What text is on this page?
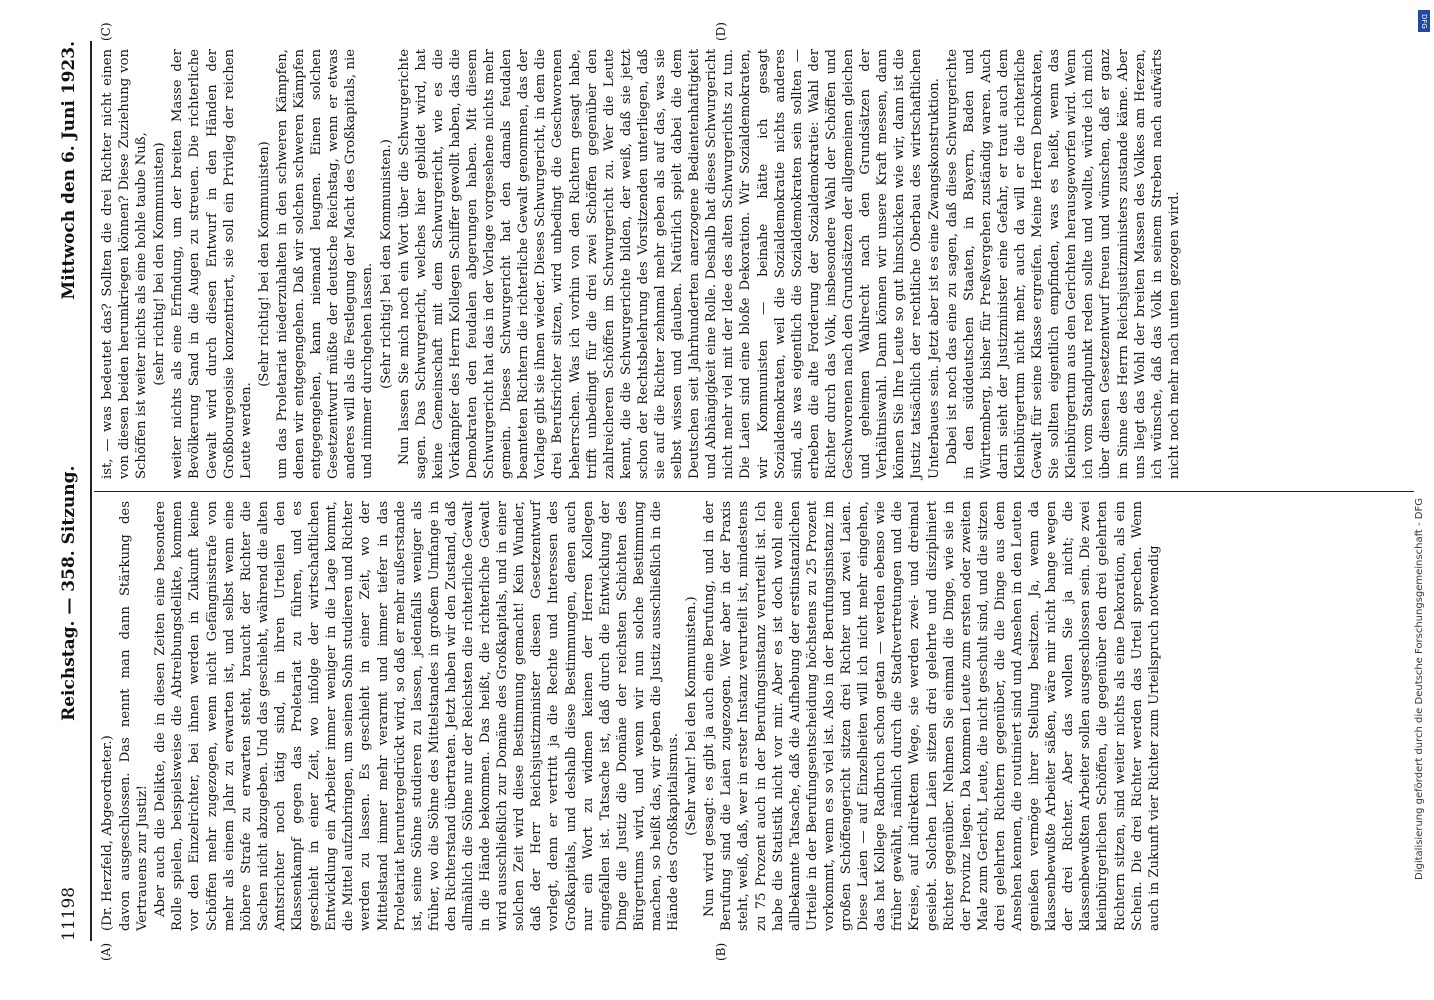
11198
Reichstag. — 358. Sitzung.
Mittwoch den 6. Juni 1923.
(A)	(B)
(C)	(D)

(Dr. Herzfeld, Abgeordneter.) davon ausgeschlossen. Das nennt man dann Stärkung des Vertrauens zur Justiz! Aber auch die Delikte, die in diesen Zeiten eine besondere Rolle spielen, beispielsweise die Abtreibungsdelikte, kommen vor den Einzelrichter, bei ihnen werden in Zukunft keine Schöffen mehr zugezogen, wenn nicht Gefängnisstrafe von mehr als einem Jahr zu erwarten ist, und selbst wenn eine höhere Strafe zu erwarten steht, braucht der Richter die Sachen nicht abzugeben. Und das geschieht, während die alten Amtsrichter noch tätig sind, in ihren Urteilen den Klassenkampf gegen das Proletariat zu führen, und es geschieht in einer Zeit, wo infolge der wirtschaftlichen Entwicklung ein Arbeiter immer weniger in die Lage kommt, die Mittel aufzubringen, um seinen Sohn studieren und Richter werden zu lassen. Es geschieht in einer Zeit, wo der Mittelstand immer mehr verarmt und immer tiefer in das Proletariat heruntergedrückt wird, so daß er mehr außerstande ist, seine Söhne studieren zu lassen, jedenfalls weniger als früher, wo die Söhne des Mittelstandes in großem Umfange in den Richterstand übertraten. Jetzt haben wir den Zustand, daß allmählich die Söhne nur der Reichsten die richterliche Gewalt in die Hände bekommen. Das heißt, die richterliche Gewalt wird ausschließlich zur Domäne des Großkapitals, und in einer solchen Zeit wird diese Bestimmung gemacht! Kein Wunder, daß der Herr Reichsjustizminister diesen Gesetzentwurf vorlegt, denn er vertritt ja die Rechte und Interessen des Großkapitals, und deshalb diese Bestimmungen, denen auch nur ein Wort zu widmen keinen der Herren Kollegen eingefallen ist. Tatsache ist, daß durch die Entwicklung der Dinge die Justiz die Domäne der reichsten Schichten des Bürgertums wird, und wenn wir nun solche Bestimmung machen, so heißt das, wir geben die Justiz ausschließlich in die Hände des Großkapitalismus. (Sehr wahr! bei den Kommunisten.) Nun wird gesagt: es gibt ja auch eine Berufung, und in der Berufung sind die Laien zugezogen. Wer aber in der Praxis steht, weiß, daß, wer in erster Instanz verurteilt ist, mindestens zu 75 Prozent auch in der Berufungsinstanz verurteilt ist. Ich habe die Statistik nicht vor mir. Aber es ist doch wohl eine allbekannte Tatsache, daß die Aufhebung der erstinstanzlichen Urteile in der Berufungsentscheidung höchstens zu 25 Prozent vorkommt, wenn es so viel ist. Also in der Berufungsinstanz im großen Schöffengericht sitzen drei Richter und zwei Laien. Diese Laien — auf Einzelheiten will ich nicht mehr eingehen, das hat Kollege Radbruch schon getan — werden ebenso wie früher gewählt, nämlich durch die Stadtvertretungen und die Kreise, auf indirektem Wege, sie werden zwei- und dreimal gesiebt. Solchen Laien sitzen drei gelehrte und diszipliniert Richter gegenüber. Nehmen Sie einmal die Dinge, wie sie in der Provinz liegen. Da kommen Leute zum ersten oder zweiten Male zum Gericht, Leute, die nicht geschult sind, und die sitzen drei gelehrten Richtern gegenüber, die die Dinge aus dem Ansehen kennen, die routiniert sind und Ansehen in den Leuten genießen vermöge ihrer Stellung besitzen. Ja, wenn da klassenbewußte Arbeiter säßen, wäre mir nicht bange wegen der drei Richter. Aber das wollen Sie ja nicht; die klassenbewußten Arbeiter sollen ausgeschlossen sein. Die zwei kleinbürgerlichen Schöffen, die gegenüber den drei gelehrten Richtern sitzen, sind weiter nichts als eine Dekoration, als ein Schein. Die drei Richter werden das Urteil sprechen. Wenn auch in Zukunft vier Richter zum Urteilspruch notwendig

ist, — was bedeutet das? Sollten die drei Richter nicht einen von diesen beiden herumkriegen können? Diese Zuziehung von Schöffen ist weiter nichts als eine hohle taube Nuß, (sehr richtig! bei den Kommunisten) weiter nichts als eine Erfindung, um der breiten Masse der Bevölkerung Sand in die Augen zu streuen. Die richterliche Gewalt wird durch diesen Entwurf in den Händen der Großbourgeoisie konzentriert, sie soll ein Privileg der reichen Leute werden.

(Sehr richtig! bei den Kommunisten) um das Proletariat niederzuhalten in den schweren Kämpfen, denen wir entgegengehen. Daß wir solchen schweren Kämpfen entgegengehen, kann niemand leugnen. Einen solchen Gesetzentwurf müßte der deutsche Reichstag, wenn er etwas anderes will als die Festlegung der Macht des Großkapitals, nie und nimmer durchgehen lassen. (Sehr richtig! bei den Kommunisten.) Nun lassen Sie mich noch ein Wort über die Schwurgerichte sagen. Das Schwurgericht, welches hier gebildet wird, hat keine Gemeinschaft mit dem Schwurgericht, wie es die Vorkämpfer des Herrn Kollegen Schiffer gewollt haben, das die Demokraten den feudalen abgerungen haben. Mit diesem Schwurgericht hat das in der Vorlage vorgesehene nichts mehr gemein. Dieses Schwurgericht hat den damals feudalen beamteten Richtern die richterliche Gewalt genommen, das der Vorlage gibt sie ihnen wieder. Dieses Schwurgericht, in dem die drei Berufsrichter sitzen, wird unbedingt die Geschworenen beherrschen. Was ich vorhin von den Richtern gesagt habe, trifft unbedingt für die drei zwei Schöffen gegenüber den zahlreicheren Schöffen im Schwurgericht zu. Wer die Leute kennt, die die Schwurgerichte bilden, der weiß, daß sie jetzt schon der Rechtsbelehrung des Vorsitzenden unterliegen, daß sie auf die Richter zehnmal mehr geben als auf das, was sie selbst wissen und glauben. Natürlich spielt dabei die dem Deutschen seit Jahrhunderten anerzogene Bedientenhaftigkeit und Abhängigkeit eine Rolle. Deshalb hat dieses Schwurgericht nicht mehr viel mit der Idee des alten Schwurgerichts zu tun. Die Laien sind eine bloße Dekoration. Wir Sozialdemokraten, wir Kommunisten — beinahe hätte ich gesagt Sozialdemokraten, weil die Sozialdemokratie nichts anderes sind, als was eigentlich die Sozialdemokraten sein sollten — erheben die alte Forderung der Sozialdemokratie: Wahl der Richter durch das Volk, insbesondere Wahl der Schöffen und Geschworenen nach den Grundsätzen der allgemeinen gleichen und geheimen Wahlrecht nach den Grundsätzen der Verhältniswahl. Dann können wir unsere Kraft messen, dann können Sie Ihre Leute so gut hinschicken wie wir, dann ist die Justiz tatsächlich der rechtliche Oberbau des wirtschaftlichen Unterbaues sein. Jetzt aber ist es eine Zwangskonstruktion. Dabei ist noch das eine zu sagen, daß diese Schwurgerichte in den süddeutschen Staaten, in Bayern, Baden und Württemberg, bisher für Preßvergehen zuständig waren. Auch darin sieht der Justizminister eine Gefahr, er traut auch dem Kleinbürgertum nicht mehr, auch da will er die richterliche Gewalt für seine Klasse ergreifen. Meine Herren Demokraten, Sie sollten eigentlich empfinden, was es heißt, wenn das Kleinbürgertum aus den Gerichten herausgeworfen wird. Wenn ich vom Standpunkt reden sollte und wollte, würde ich mich über diesen Gesetzentwurf freuen und wünschen, daß er ganz im Sinne des Herrn Reichsjustizministers zustande käme. Aber uns liegt das Wohl der breiten Massen des Volkes am Herzen, ich wünsche, daß das Volk in seinem Streben nach aufwärts nicht noch mehr nach unten gezogen wird.

DFG
Digitalisierung gefördert durch die Deutsche Forschungsgemeinschaft - DFG
